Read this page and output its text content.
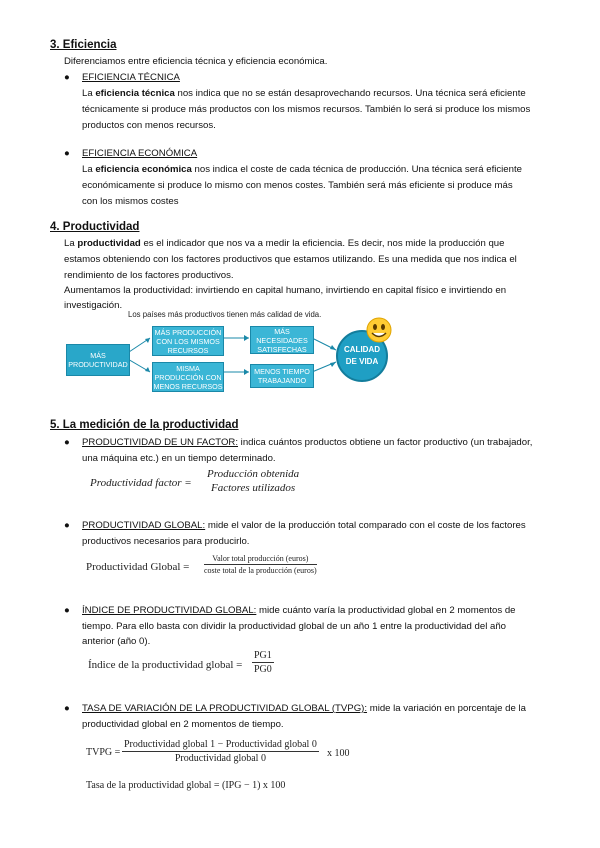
3. Eficiencia
Diferenciamos entre eficiencia técnica y eficiencia económica.
● EFICIENCIA TÉCNICA
La eficiencia técnica nos indica que no se están desaprovechando recursos. Una técnica será eficiente
técnicamente si produce más productos con los mismos recursos. También lo será si produce los mismos
productos con menos recursos.
● EFICIENCIA ECONÓMICA
La eficiencia económica nos indica el coste de cada técnica de producción. Una técnica será eficiente
económicamente si produce lo mismo con menos costes. También será más eficiente si produce más
con los mismos costes
4. Productividad
La productividad es el indicador que nos va a medir la eficiencia. Es decir, nos mide la producción que
estamos obteniendo con los factores productivos que estamos utilizando. Es una medida que nos indica el
rendimiento de los factores productivos.
Aumentamos la productividad: invirtiendo en capital humano, invirtiendo en capital físico e invirtiendo en
investigación.
Los países más productivos tienen más calidad de vida.
MÁS PRODUCTIVIDAD
MÁS PRODUCCIÓN CON LOS MISMOS RECURSOS
MISMA PRODUCCIÓN CON MENOS RECURSOS
MÁS NECESIDADES SATISFECHAS
MENOS TIEMPO TRABAJANDO
CALIDAD DE VIDA
5. La medición de la productividad
● PRODUCTIVIDAD DE UN FACTOR: indica cuántos productos obtiene un factor productivo (un trabajador,
una máquina etc.) en un tiempo determinado.
Productividad factor =
Producción obtenida
Factores utilizados
● PRODUCTIVIDAD GLOBAL: mide el valor de la producción total comparado con el coste de los factores
productivos necesarios para producirlo.
Productividad Global =
Valor total producción (euros)
coste total de la producción (euros)
● ÍNDICE DE PRODUCTIVIDAD GLOBAL: mide cuánto varía la productividad global en 2 momentos de
tiempo. Para ello basta con dividir la productividad global de un año 1 entre la productividad del año
anterior (año 0).
Índice de la productividad global = $\frac{PG1}{PG0}$
● TASA DE VARIACIÓN DE LA PRODUCTIVIDAD GLOBAL (TVPG): mide la variación en porcentaje de la
productividad global en 2 momentos de tiempo.
TVPG =
Productividad global 1 − Productividad global 0
Productividad global 0	x 100
Tasa de la productividad global = (IPG − 1) x 100
